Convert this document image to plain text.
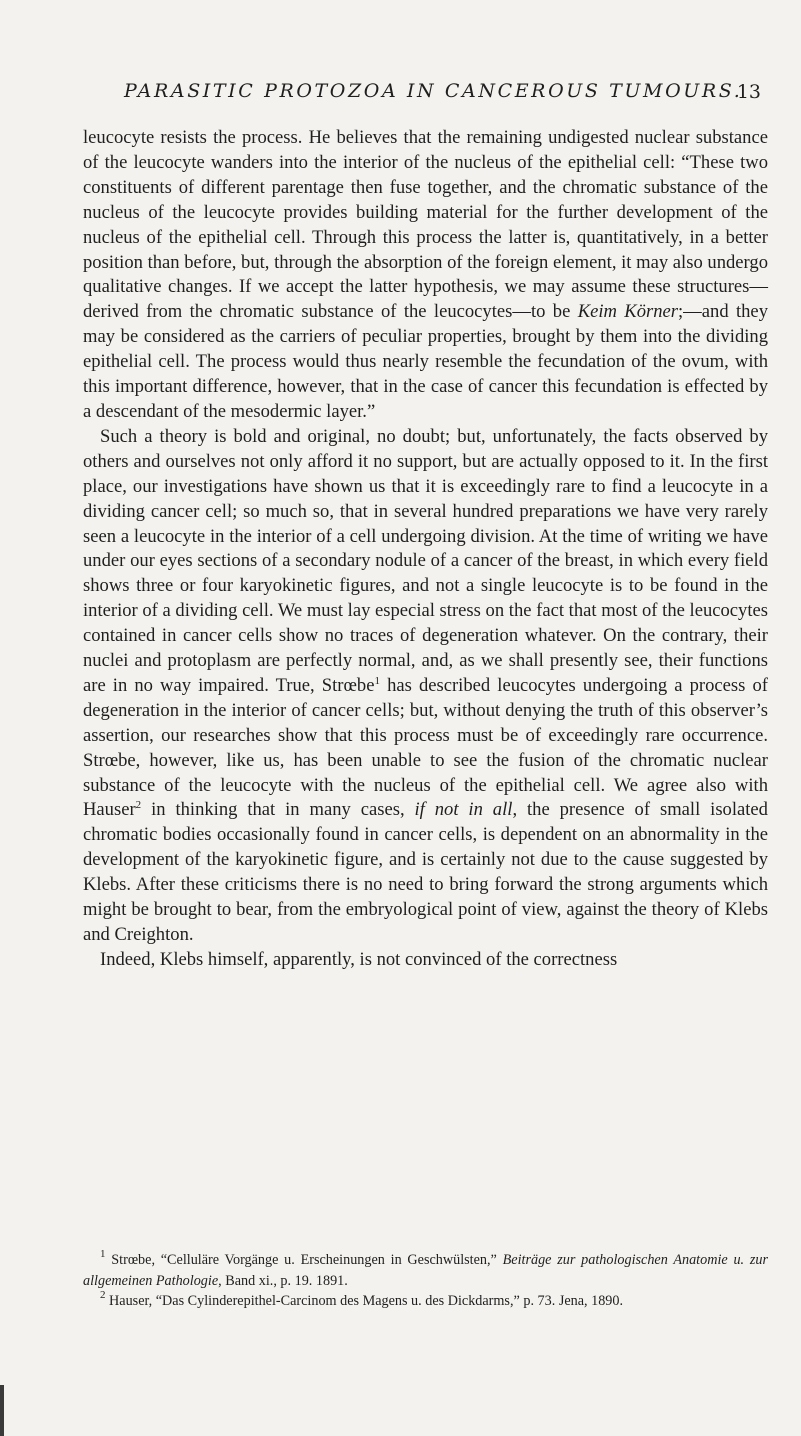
PARASITIC PROTOZOA IN CANCEROUS TUMOURS.
13

leucocyte resists the process. He believes that the remaining undigested nuclear substance of the leucocyte wanders into the interior of the nucleus of the epithelial cell: “These two constituents of different parentage then fuse together, and the chromatic substance of the nucleus of the leucocyte provides building material for the further development of the nucleus of the epithelial cell. Through this process the latter is, quantitatively, in a better position than before, but, through the absorption of the foreign element, it may also undergo qualitative changes. If we accept the latter hypothesis, we may assume these structures—derived from the chromatic substance of the leucocytes—to be Keim Körner;—and they may be considered as the carriers of peculiar properties, brought by them into the dividing epithelial cell. The process would thus nearly resemble the fecundation of the ovum, with this important difference, however, that in the case of cancer this fecundation is effected by a descendant of the mesodermic layer.”

Such a theory is bold and original, no doubt; but, unfortunately, the facts observed by others and ourselves not only afford it no support, but are actually opposed to it. In the first place, our investigations have shown us that it is exceedingly rare to find a leucocyte in a dividing cancer cell; so much so, that in several hundred preparations we have very rarely seen a leucocyte in the interior of a cell undergoing division. At the time of writing we have under our eyes sections of a secondary nodule of a cancer of the breast, in which every field shows three or four karyokinetic figures, and not a single leucocyte is to be found in the interior of a dividing cell. We must lay especial stress on the fact that most of the leucocytes contained in cancer cells show no traces of degeneration whatever. On the contrary, their nuclei and protoplasm are perfectly normal, and, as we shall presently see, their functions are in no way impaired. True, Strœbe$^1$ has described leucocytes undergoing a process of degeneration in the interior of cancer cells; but, without denying the truth of this observer’s assertion, our researches show that this process must be of exceedingly rare occurrence. Strœbe, however, like us, has been unable to see the fusion of the chromatic nuclear substance of the leucocyte with the nucleus of the epithelial cell. We agree also with Hauser$^2$ in thinking that in many cases, if not in all, the presence of small isolated chromatic bodies occasionally found in cancer cells, is dependent on an abnormality in the development of the karyokinetic figure, and is certainly not due to the cause suggested by Klebs. After these criticisms there is no need to bring forward the strong arguments which might be brought to bear, from the embryological point of view, against the theory of Klebs and Creighton.

Indeed, Klebs himself, apparently, is not convinced of the correctness

$^1$ Strœbe, “Celluläre Vorgänge u. Erscheinungen in Geschwülsten,” Beiträge zur pathologischen Anatomie u. zur allgemeinen Pathologie, Band xi., p. 19. 1891.

$^2$ Hauser, “Das Cylinderepithel-Carcinom des Magens u. des Dickdarms,” p. 73. Jena, 1890.
